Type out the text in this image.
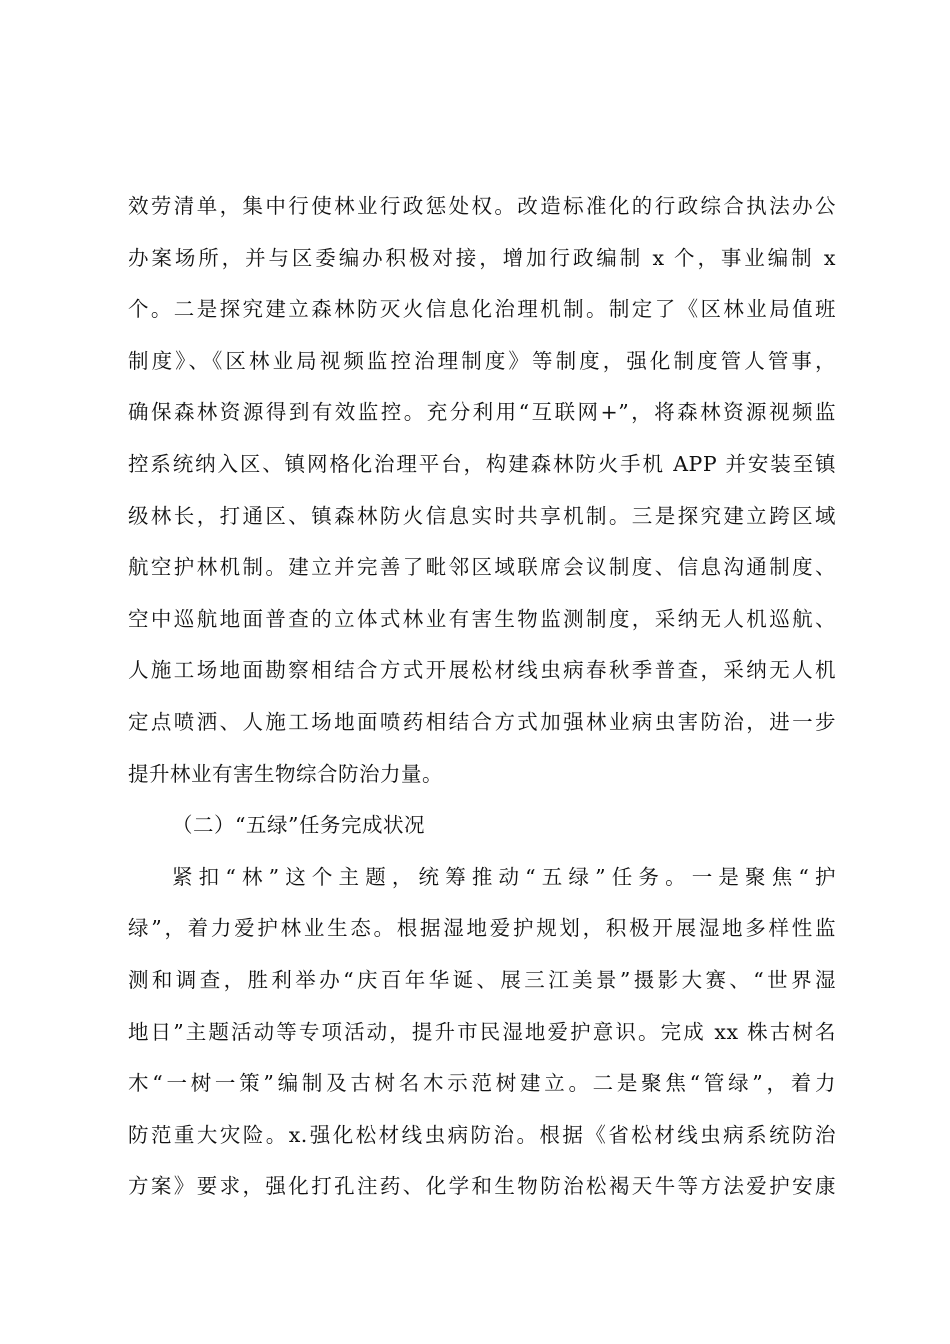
效劳清单，集中行使林业行政惩处权。改造标准化的行政综合执法办公
办案场所，并与区委编办积极对接，增加行政编制 x 个，事业编制 x
个。二是探究建立森林防灭火信息化治理机制。制定了《区林业局值班
制度》、《区林业局视频监控治理制度》等制度，强化制度管人管事，
确保森林资源得到有效监控。充分利用“互联网+”，将森林资源视频监
控系统纳入区、镇网格化治理平台，构建森林防火手机 APP 并安装至镇
级林长，打通区、镇森林防火信息实时共享机制。三是探究建立跨区域
航空护林机制。建立并完善了毗邻区域联席会议制度、信息沟通制度、
空中巡航地面普查的立体式林业有害生物监测制度，采纳无人机巡航、
人施工场地面勘察相结合方式开展松材线虫病春秋季普查，采纳无人机
定点喷洒、人施工场地面喷药相结合方式加强林业病虫害防治，进一步
提升林业有害生物综合防治力量。
（二）“五绿”任务完成状况
紧扣“林”这个主题，统筹推动“五绿”任务。一是聚焦“护
绿”，着力爱护林业生态。根据湿地爱护规划，积极开展湿地多样性监
测和调查，胜利举办“庆百年华诞、展三江美景”摄影大赛、“世界湿
地日”主题活动等专项活动，提升市民湿地爱护意识。完成 xx 株古树名
木“一树一策”编制及古树名木示范树建立。二是聚焦“管绿”，着力
防范重大灾险。x.强化松材线虫病防治。根据《省松材线虫病系统防治
方案》要求，强化打孔注药、化学和生物防治松褐天牛等方法爱护安康
